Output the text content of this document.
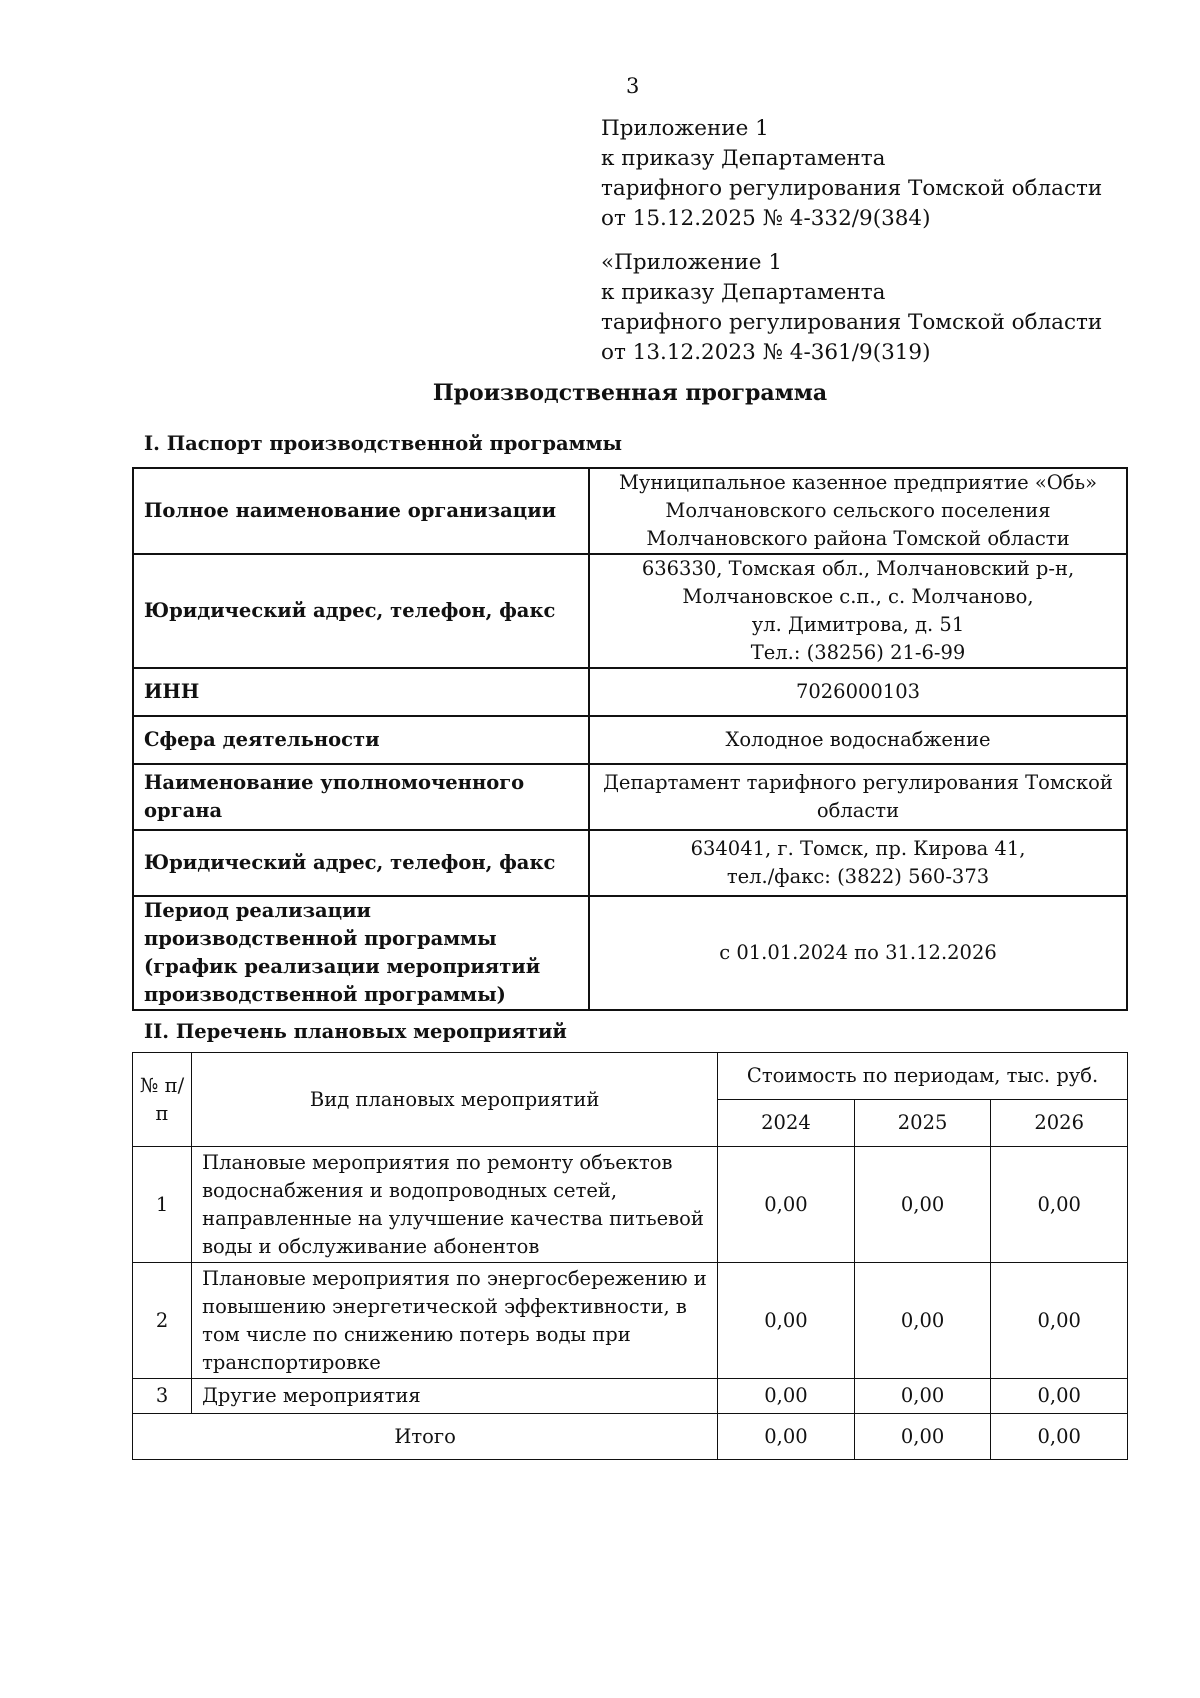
3
Приложение 1
к приказу Департамента
тарифного регулирования Томской области
от 15.12.2025 № 4-332/9(384)
«Приложение 1
к приказу Департамента
тарифного регулирования Томской области
от 13.12.2023 № 4-361/9(319)
Производственная программа
I. Паспорт производственной программы
Полное наименование организации	Муниципальное казенное предприятие «Обь»
Молчановского сельского поселения
Молчановского района Томской области

Юридический адрес, телефон, факс	636330, Томская обл., Молчановский р-н,
Молчановское с.п., с. Молчаново,
ул. Димитрова, д. 51
Тел.: (38256) 21-6-99

ИНН	7026000103

Сфера деятельности	Холодное водоснабжение

Наименование уполномоченного органа	Департамент тарифного регулирования Томской области
Юридический адрес, телефон, факс	634041, г. Томск, пр. Кирова 41,
тел./факс: (3822) 560-373

Период реализации производственной программы (график реализации мероприятий производственной программы)	с 01.01.2024 по 31.12.2026
II. Перечень плановых мероприятий
№ п/п	Вид плановых мероприятий	Стоимость по периодам, тыс. руб.		
		2024	2025	2026
1	Плановые мероприятия по ремонту объектов водоснабжения и водопроводных сетей, направленные на улучшение качества питьевой воды и обслуживание абонентов	0,00	0,00	0,00
2	Плановые мероприятия по энергосбережению и повышению энергетической эффективности, в том числе по снижению потерь воды при транспортировке	0,00	0,00	0,00
3	Другие мероприятия	0,00	0,00	0,00
Итого		0,00	0,00	0,00
